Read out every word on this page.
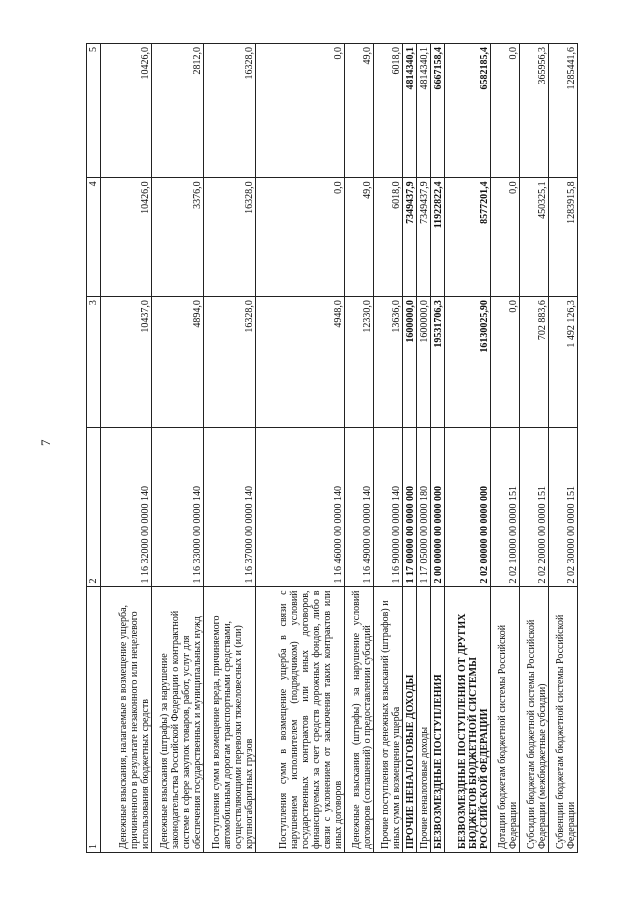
7
1	2	3	4	5
Денежные взыскания, налагаемые в возмещение ущерба, причиненного в результате незаконного или нецелевого использования бюджетных средств	1 16 32000 00 0000 140	10437,0	10426,0	10426,0
Денежные взыскания (штрафы) за нарушение законодательства Российской Федерации о контрактной системе в сфере закупок товаров, работ, услуг для обеспечения государственных и муниципальных нужд	1 16 33000 00 0000 140	4894,0	3376,0	2812,0
Поступления сумм в возмещение вреда, причиняемого автомобильным дорогам транспортными средствами, осуществляющими перевозки тяжеловесных и (или) крупногабаритных грузов	1 16 37000 00 0000 140	16328,0	16328,0	16328,0
Поступления сумм в возмещение ущерба в связи с нарушением исполнителем (подрядчиком) условий государственных контрактов или иных договоров, финансируемых за счет средств дорожных фондов, либо в связи с уклонением от заключения таких контрактов или иных договоров	1 16 46000 00 0000 140	4948,0	0,0	0,0
Денежные взыскания (штрафы) за нарушение условий договоров (соглашений) о предоставлении субсидий	1 16 49000 00 0000 140	12330,0	49,0	49,0
Прочие поступления от денежных взысканий (штрафов) и иных сумм в возмещение ущерба	1 16 90000 00 0000 140	13636,0	6018,0	6018,0
ПРОЧИЕ НЕНАЛОГОВЫЕ ДОХОДЫ	1 17 00000 00 0000 000	1600000,0	7349437,9	4814340,1
Прочие неналоговые доходы	1 17 05000 00 0000 180	1600000,0	7349437,9	4814340,1
БЕЗВОЗМЕЗДНЫЕ ПОСТУПЛЕНИЯ	2 00 00000 00 0000 000	19531706,3	11922822,4	6667158,4
БЕЗВОЗМЕЗДНЫЕ ПОСТУПЛЕНИЯ ОТ ДРУГИХ БЮДЖЕТОВ БЮДЖЕТНОЙ СИСТЕМЫ РОССИЙСКОЙ ФЕДЕРАЦИИ	2 02 00000 00 0000 000	16130025,90	8577201,4	6582185,4
Дотации бюджетам бюджетной системы Российской Федерации	2 02 10000 00 0000 151	0,0	0,0	0,0
Субсидии бюджетам бюджетной системы Российской Федерации (межбюджетные субсидии)	2 02 20000 00 0000 151	702 883,6	450325,1	365956,3
Субвенции бюджетам бюджетной системы Российской Федерации	2 02 30000 00 0000 151	1 492 126,3	1283915,8	1285441,6
